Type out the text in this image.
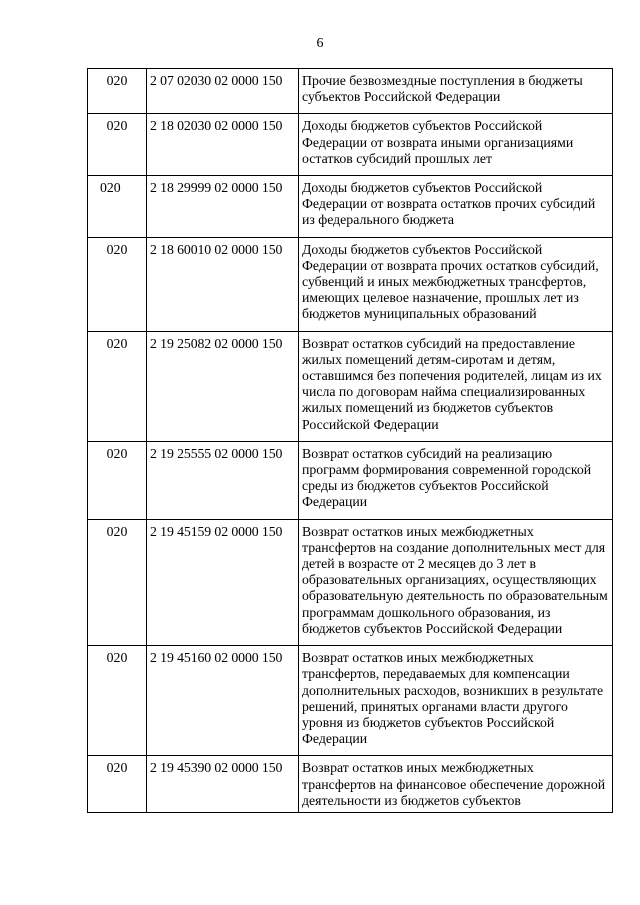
6
020	2 07 02030 02 0000 150	Прочие безвозмездные поступления в бюджеты субъектов Российской Федерации
020	2 18 02030 02 0000 150	Доходы бюджетов субъектов Российской Федерации от возврата иными организациями остатков субсидий прошлых лет
020	2 18 29999 02 0000 150	Доходы бюджетов субъектов Российской Федерации от возврата остатков прочих субсидий из федерального бюджета
020	2 18 60010 02 0000 150	Доходы бюджетов субъектов Российской Федерации от возврата прочих остатков субсидий, субвенций и иных межбюджетных трансфертов, имеющих целевое назначение, прошлых лет из бюджетов муниципальных образований
020	2 19 25082 02 0000 150	Возврат остатков субсидий на предоставление жилых помещений детям-сиротам и детям, оставшимся без попечения родителей, лицам из их числа по договорам найма специализированных жилых помещений из бюджетов субъектов Российской Федерации
020	2 19 25555 02 0000 150	Возврат остатков субсидий на реализацию программ формирования современной городской среды из бюджетов субъектов Российской Федерации
020	2 19 45159 02 0000 150	Возврат остатков иных межбюджетных трансфертов на создание дополнительных мест для детей в возрасте от 2 месяцев до 3 лет в образовательных организациях, осуществляющих образовательную деятельность по образовательным программам дошкольного образования, из бюджетов субъектов Российской Федерации
020	2 19 45160 02 0000 150	Возврат остатков иных межбюджетных трансфертов, передаваемых для компенсации дополнительных расходов, возникших в результате решений, принятых органами власти другого уровня из бюджетов субъектов Российской Федерации
020	2 19 45390 02 0000 150	Возврат остатков иных межбюджетных трансфертов на финансовое обеспечение дорожной деятельности из бюджетов субъектов
